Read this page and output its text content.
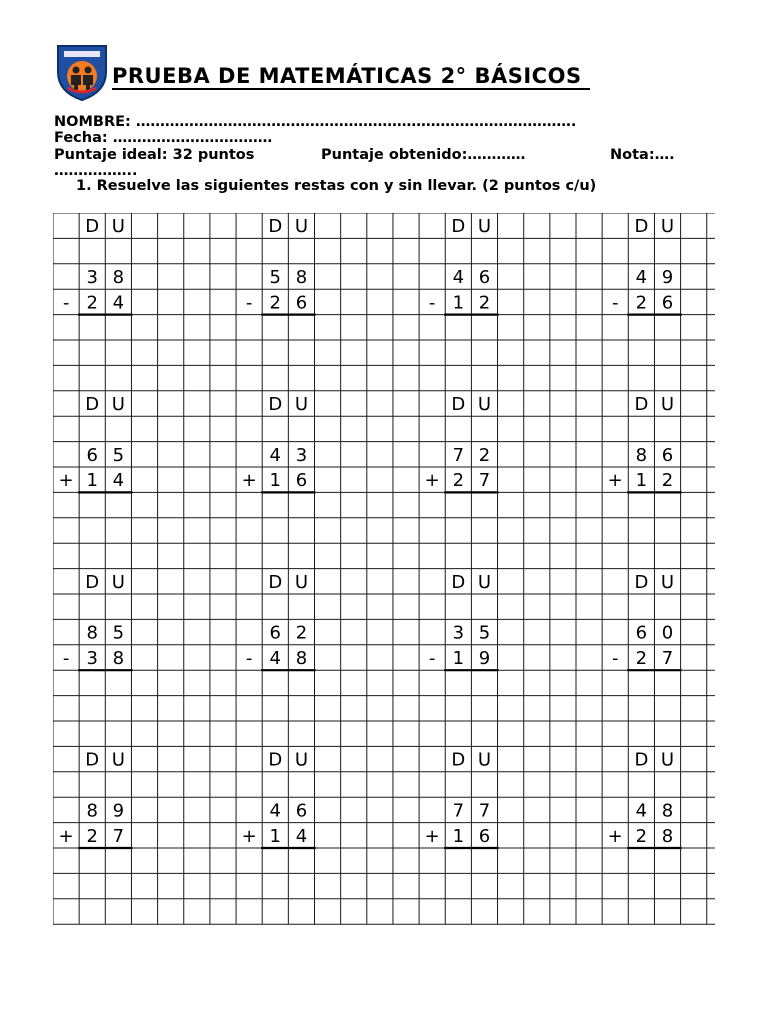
PRUEBA DE MATEMÁTICAS 2° BÁSICOS
NOMBRE: ……………………………………………………………………………….
Fecha: ……………………………
Puntaje ideal: 32 puntos	Puntaje obtenido:…………	Nota:….
……………..
1. Resuelve las siguientes restas con y sin llevar. (2 puntos c/u)
D U
3 8
- 2 4
D U
5 8
- 2 6
D U
4 6
- 1 2
D U
4 9
- 2 6
D U
6 5
+ 1 4
D U
4 3
+ 1 6
D U
7 2
+ 2 7
D U
8 6
+ 1 2
D U
8 5
- 3 8
D U
6 2
- 4 8
D U
3 5
- 1 9
D U
6 0
- 2 7
D U
8 9
+ 2 7
D U
4 6
+ 1 4
D U
7 7
+ 1 6
D U
4 8
+ 2 8
